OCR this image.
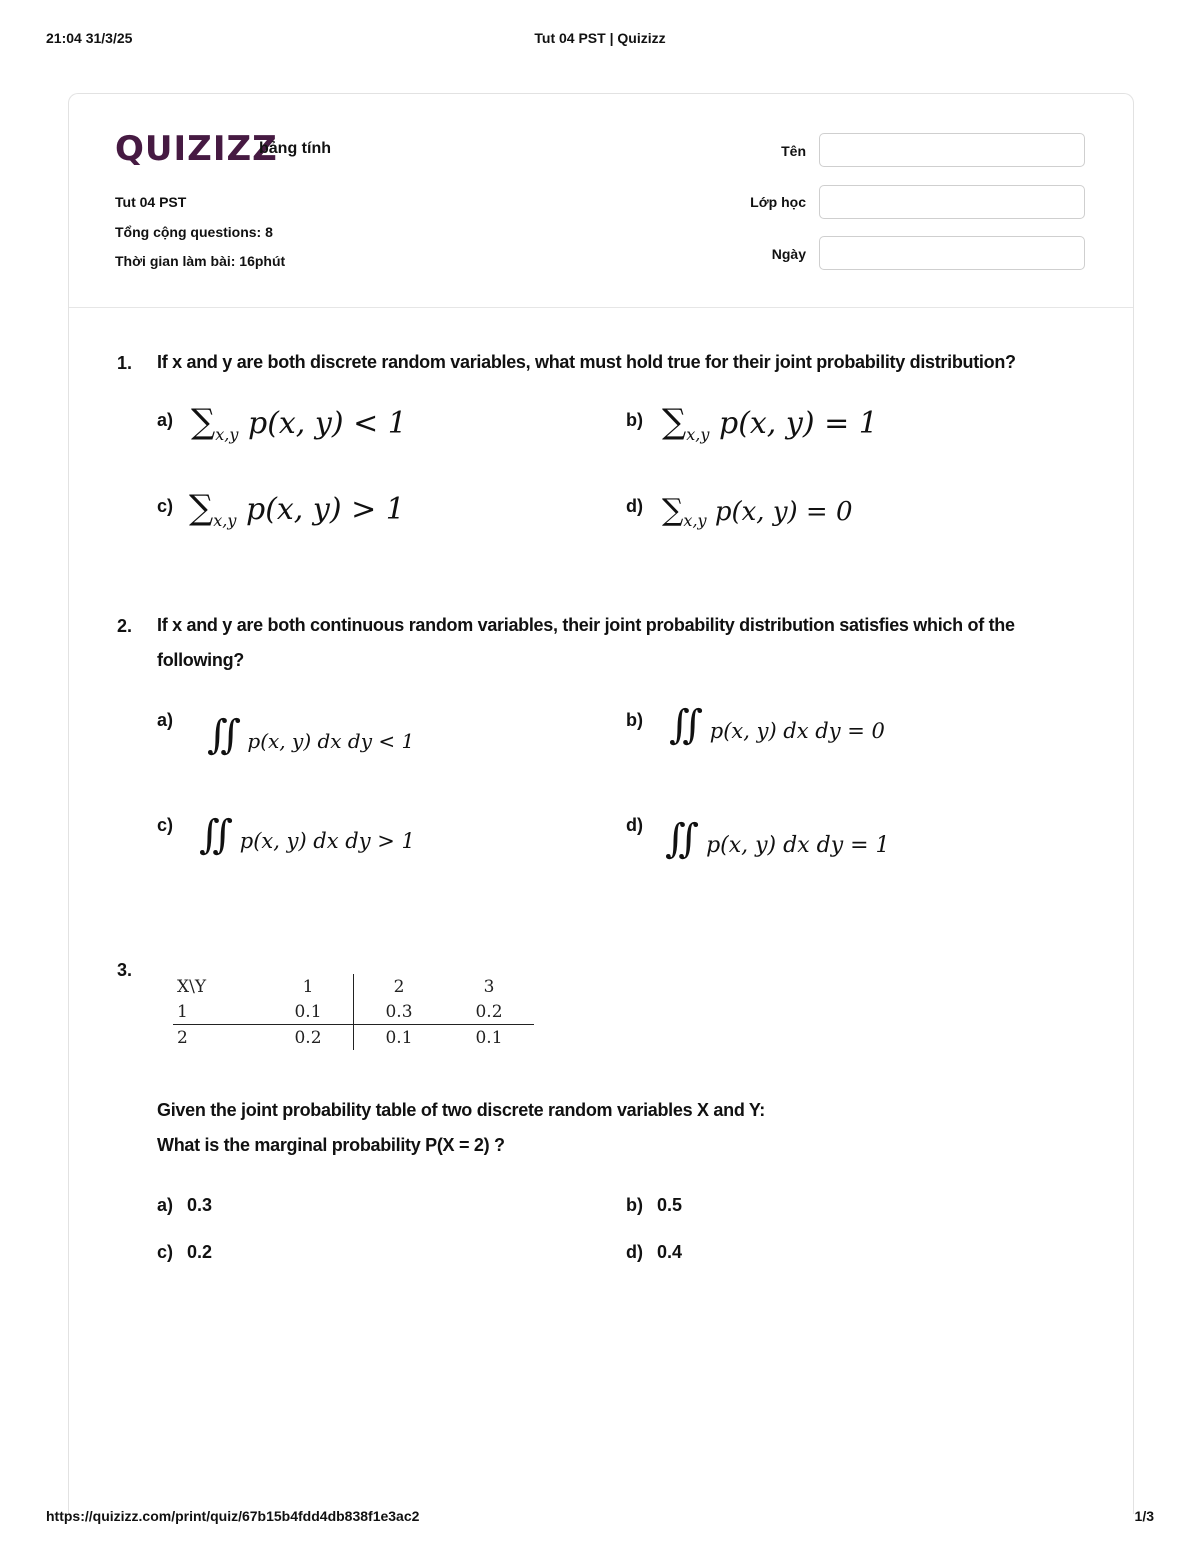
21:04 31/3/25	Tut 04 PST | Quizizz
QUIZIZZ
bảng tính
Tut 04 PST
Tổng cộng questions: 8
Thời gian làm bài: 16phút
Tên
Lớp học
Ngày
1. If x and y are both discrete random variables, what must hold true for their joint probability distribution?
a) $\sum_{x,y}$ p(x, y) < 1	b) $\sum_{x,y}$ p(x, y) = 1
c) $\sum_{x,y}$ p(x, y) > 1	d) $\sum_{x,y}$ p(x, y) = 0
2. If x and y are both continuous random variables, their joint probability distribution satisfies which of the following?
a) ∬ p(x, y) dx dy < 1
b) ∬ p(x, y) dx dy = 0
c) ∬ p(x, y) dx dy > 1
d) ∬ p(x, y) dx dy = 1
3.
X\Y	1	2	3
1	0.1	0.3	0.2
2	0.2	0.1	0.1
Given the joint probability table of two discrete random variables X and Y:
What is the marginal probability P(X = 2) ?
a) 0.3	b) 0.5
c) 0.2	d) 0.4
https://quizizz.com/print/quiz/67b15b4fdd4db838f1e3ac2	1/3
